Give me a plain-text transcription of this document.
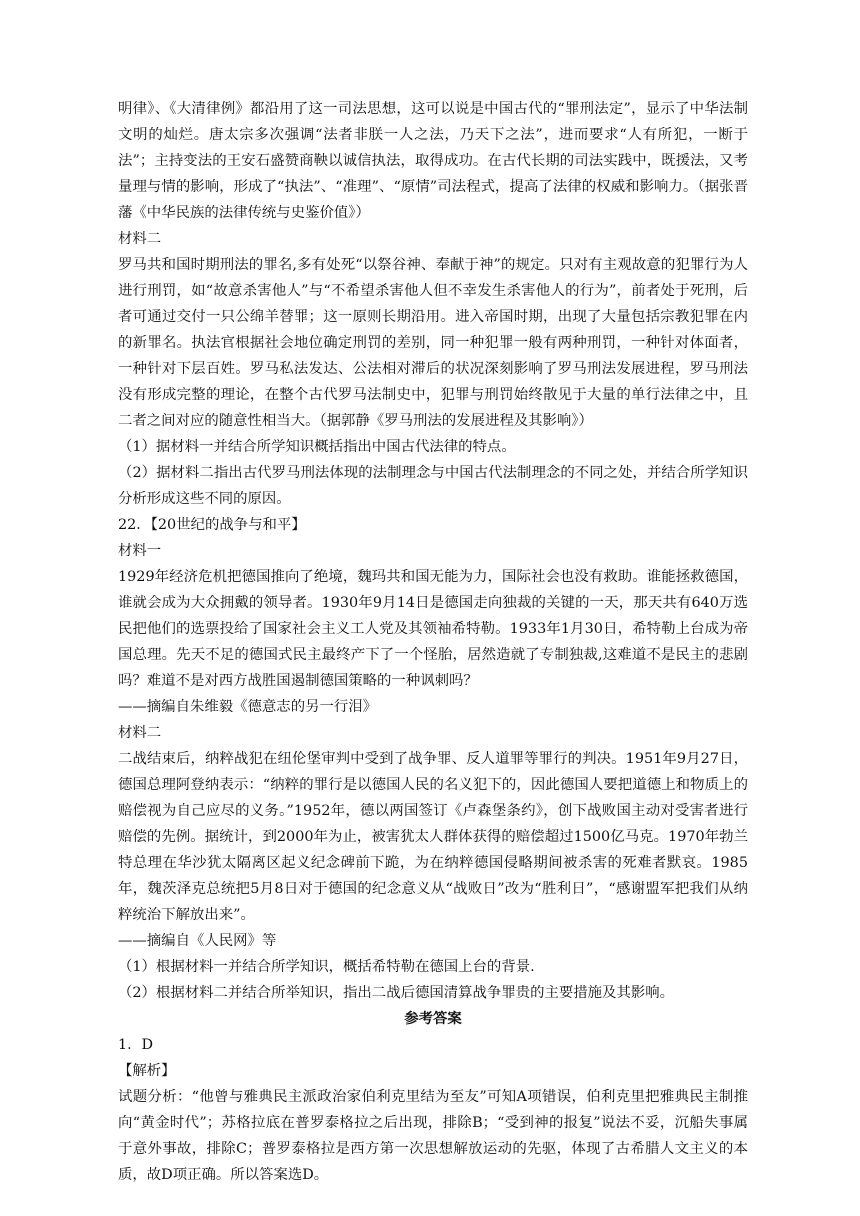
明律》、《大清律例》都沿用了这一司法思想，这可以说是中国古代的“罪刑法定”，显示了中华法制文明的灿烂。唐太宗多次强调“法者非朕一人之法，乃天下之法”，进而要求“人有所犯，一断于法”；主持变法的王安石盛赞商鞅以诚信执法，取得成功。在古代长期的司法实践中，既援法，又考量理与情的影响，形成了“执法”、“准理”、“原情”司法程式，提高了法律的权威和影响力。（据张晋藩《中华民族的法律传统与史鉴价值》）

材料二

罗马共和国时期刑法的罪名,多有处死“以祭谷神、奉献于神”的规定。只对有主观故意的犯罪行为人进行刑罚，如“故意杀害他人”与“不希望杀害他人但不幸发生杀害他人的行为”，前者处于死刑，后者可通过交付一只公绵羊替罪；这一原则长期沿用。进入帝国时期，出现了大量包括宗教犯罪在内的新罪名。执法官根据社会地位确定刑罚的差别，同一种犯罪一般有两种刑罚，一种针对体面者，一种针对下层百姓。罗马私法发达、公法相对滞后的状况深刻影响了罗马刑法发展进程，罗马刑法没有形成完整的理论，在整个古代罗马法制史中，犯罪与刑罚始终散见于大量的单行法律之中，且二者之间对应的随意性相当大。（据郭静《罗马刑法的发展进程及其影响》）

（1）据材料一并结合所学知识概括指出中国古代法律的特点。

（2）据材料二指出古代罗马刑法体现的法制理念与中国古代法制理念的不同之处，并结合所学知识分析形成这些不同的原因。

22．【20世纪的战争与和平】

材料一

1929年经济危机把德国推向了绝境，魏玛共和国无能为力，国际社会也没有救助。谁能拯救德国，谁就会成为大众拥戴的领导者。1930年9月14日是德国走向独裁的关键的一天，那天共有640万选民把他们的选票投给了国家社会主义工人党及其领袖希特勒。1933年1月30日，希特勒上台成为帝国总理。先天不足的德国式民主最终产下了一个怪胎，居然造就了专制独裁,这难道不是民主的悲剧吗？难道不是对西方战胜国遏制德国策略的一种讽刺吗？

——摘编自朱维毅《德意志的另一行泪》

材料二

二战结束后，纳粹战犯在纽伦堡审判中受到了战争罪、反人道罪等罪行的判决。1951年9月27日，德国总理阿登纳表示：“纳粹的罪行是以德国人民的名义犯下的，因此德国人要把道德上和物质上的赔偿视为自己应尽的义务。”1952年，德以两国签订《卢森堡条约》，创下战败国主动对受害者进行赔偿的先例。据统计，到2000年为止，被害犹太人群体获得的赔偿超过1500亿马克。1970年勃兰特总理在华沙犹太隔离区起义纪念碑前下跪，为在纳粹德国侵略期间被杀害的死难者默哀。1985年，魏茨泽克总统把5月8日对于德国的纪念意义从“战败日”改为“胜利日”，“感谢盟军把我们从纳粹统治下解放出来”。

——摘编自《人民网》等

（1）根据材料一并结合所学知识，概括希特勒在德国上台的背景.

（2）根据材料二并结合所举知识，指出二战后德国清算战争罪贵的主要措施及其影响。

参考答案

1．D

【解析】

试题分析：“他曾与雅典民主派政治家伯利克里结为至友”可知A项错误，伯利克里把雅典民主制推向“黄金时代”；苏格拉底在普罗泰格拉之后出现，排除B；“受到神的报复”说法不妥，沉船失事属于意外事故，排除C；普罗泰格拉是西方第一次思想解放运动的先驱，体现了古希腊人文主义的本质，故D项正确。所以答案选D。
